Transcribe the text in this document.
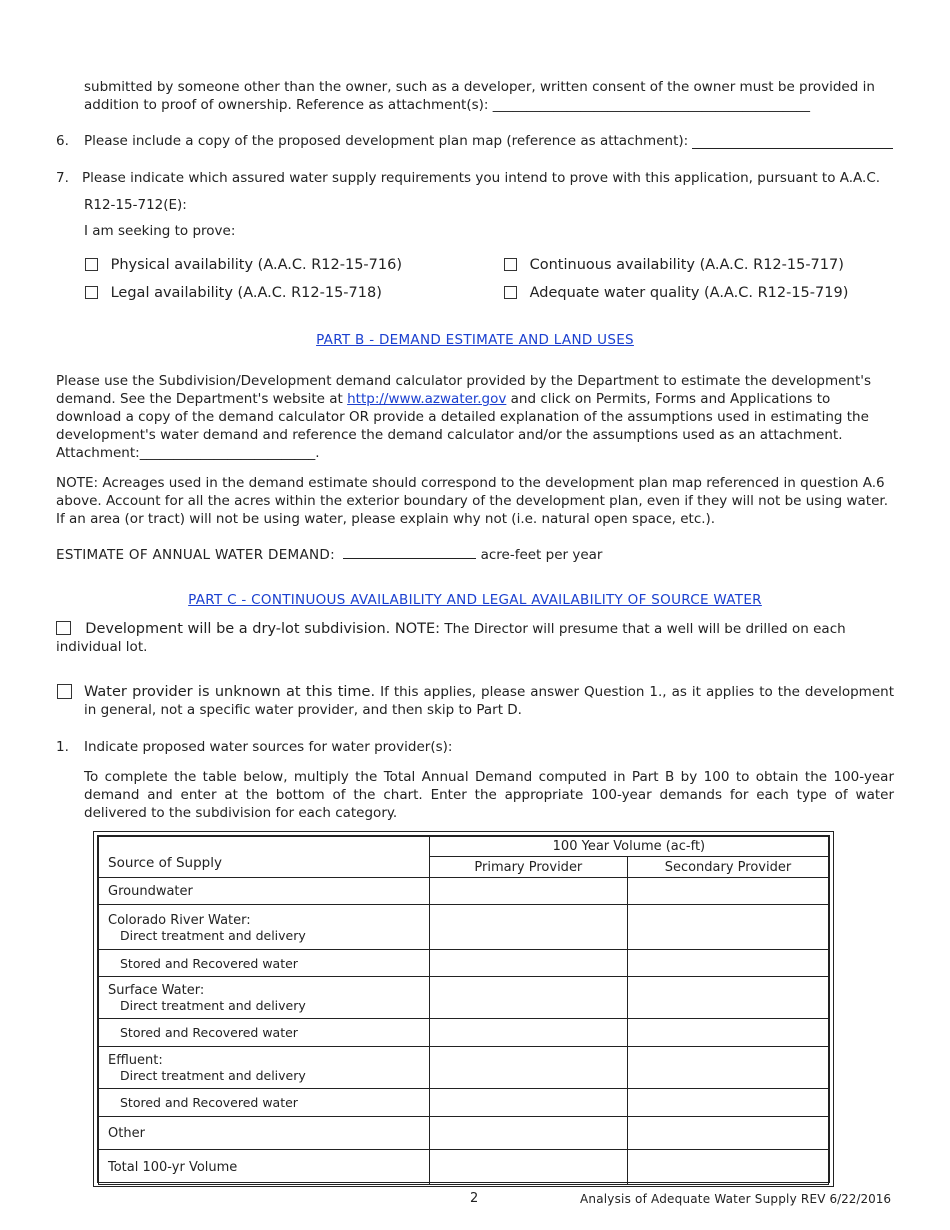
submitted by someone other than the owner, such as a developer, written consent of the owner must be provided in
addition to proof of ownership. Reference as attachment(s): _______________________________________________
6. Please include a copy of the proposed development plan map (reference as attachment):
7. Please indicate which assured water supply requirements you intend to prove with this application, pursuant to A.A.C.
R12-15-712(E):
I am seeking to prove:
Physical availability (A.A.C. R12-15-716)	Continuous availability (A.A.C. R12-15-717)
Legal availability (A.A.C. R12-15-718)	Adequate water quality (A.A.C. R12-15-719)
PART B - DEMAND ESTIMATE AND LAND USES
Please use the Subdivision/Development demand calculator provided by the Department to estimate the development's demand. See the Department's website at http://www.azwater.gov and click on Permits, Forms and Applications to download a copy of the demand calculator OR provide a detailed explanation of the assumptions used in estimating the development's water demand and reference the demand calculator and/or the assumptions used as an attachment.
Attachment:__________________________.
NOTE: Acreages used in the demand estimate should correspond to the development plan map referenced in question A.6 above. Account for all the acres within the exterior boundary of the development plan, even if they will not be using water. If an area (or tract) will not be using water, please explain why not (i.e. natural open space, etc.).
ESTIMATE OF ANNUAL WATER DEMAND:	acre-feet per year
PART C - CONTINUOUS AVAILABILITY AND LEGAL AVAILABILITY OF SOURCE WATER
Development will be a dry-lot subdivision. NOTE: The Director will presume that a well will be drilled on each individual lot.
Water provider is unknown at this time. If this applies, please answer Question 1., as it applies to the development in general, not a specific water provider, and then skip to Part D.
1. Indicate proposed water sources for water provider(s):
To complete the table below, multiply the Total Annual Demand computed in Part B by 100 to obtain the 100-year demand and enter at the bottom of the chart. Enter the appropriate 100-year demands for each type of water delivered to the subdivision for each category.
Source of Supply	100 Year Volume (ac-ft)	
	Primary Provider	Secondary Provider
Groundwater		
Colorado River Water:
Direct treatment and delivery		

Stored and Recovered water		

Surface Water:
Direct treatment and delivery		

Stored and Recovered water		

Effluent:
Direct treatment and delivery		

Stored and Recovered water		

Other		
Total 100-yr Volume		
2	Analysis of Adequate Water Supply REV 6/22/2016
